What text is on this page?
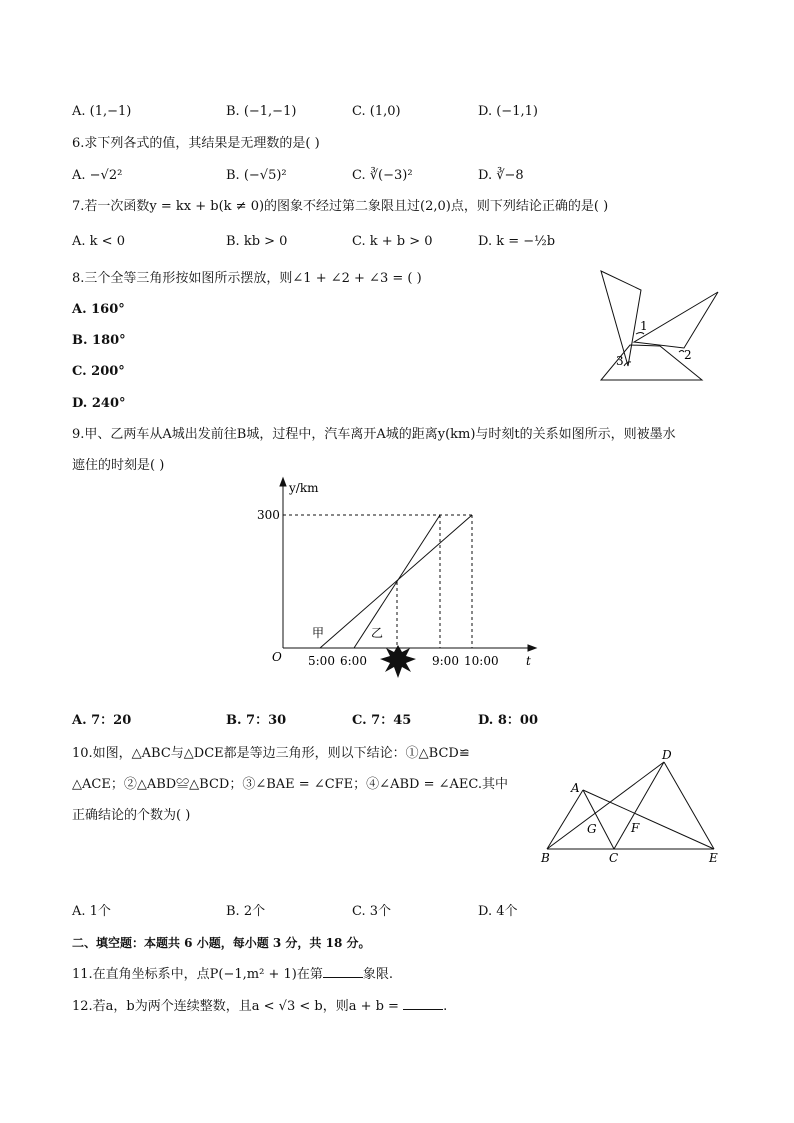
A. (1,−1)	B. (−1,−1)	C. (1,0)	D. (−1,1)
6.求下列各式的值，其结果是无理数的是( )
A. −√2²	B. (−√5)²	C. ∛(−3)²	D. ∛−8
7.若一次函数y = kx + b(k ≠ 0)的图象不经过第二象限且过(2,0)点，则下列结论正确的是( )
A. k < 0	B. kb > 0	C. k + b > 0	D. k = −½b
8.三个全等三角形按如图所示摆放，则∠1 + ∠2 + ∠3 = ( )
A. 160°
B. 180°
C. 200°
D. 240°
1
2
3
9.甲、乙两车从A城出发前往B城，过程中，汽车离开A城的距离y(km)与时刻t的关系如图所示，则被墨水
遮住的时刻是( )
y/km
t
O
300
5:00 6:00	9:00 10:00
甲	乙
A. 7：20	B. 7：30	C. 7：45	D. 8：00
10.如图，△ABC与△DCE都是等边三角形，则以下结论：①△BCD≌
△ACE；②△ABD≌△BCD；③∠BAE = ∠CFE；④∠ABD = ∠AEC.其中
正确结论的个数为( )
A
B	C
D
E
F
G
A. 1个	B. 2个	C. 3个	D. 4个
二、填空题：本题共 6 小题，每小题 3 分，共 18 分。
11.在直角坐标系中，点P(−1,m² + 1)在第	象限.
12.若a，b为两个连续整数，且a < √3 < b，则a + b =	.
